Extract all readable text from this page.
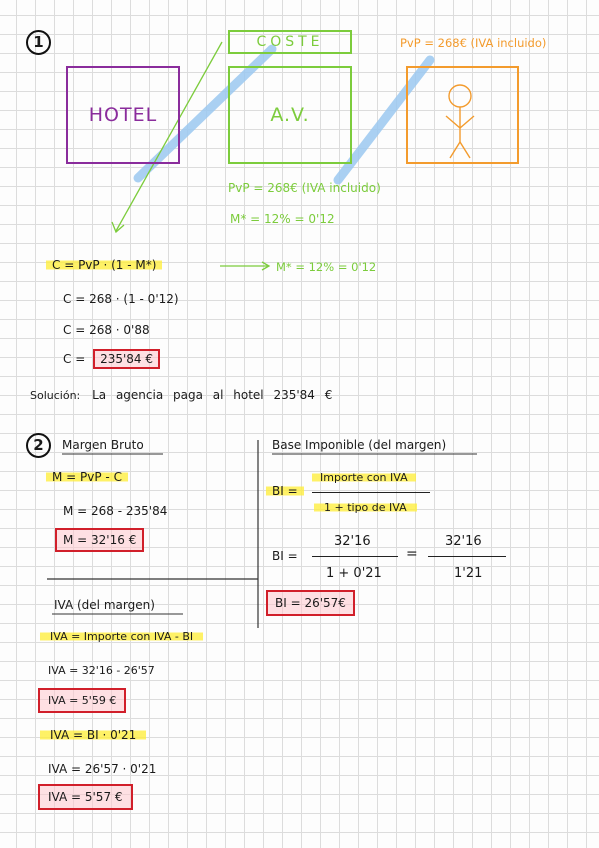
1	COSTE	PvP = 268€ (IVA incluido)
HOTEL	A.V.
PvP = 268€ (IVA incluido)
M* = 12% = 0'12
C = PvP · (1 - M*)	M* = 12% = 0'12
C = 268 · (1 - 0'12)
C = 268 · 0'88
C = 235'84 €
Solución: La agencia paga al hotel 235'84 €
2	Margen Bruto
M = PvP - C
M = 268 - 235'84
M = 32'16 €
Base Imponible (del margen)
BI =
Importe con IVA
1 + tipo de IVA
BI =
32'16
1 + 0'21
=
32'16
1'21
BI = 26'57€
IVA (del margen)
IVA = Importe con IVA - BI
IVA = 32'16 - 26'57
IVA = 5'59 €
IVA = BI · 0'21
IVA = 26'57 · 0'21
IVA = 5'57 €
